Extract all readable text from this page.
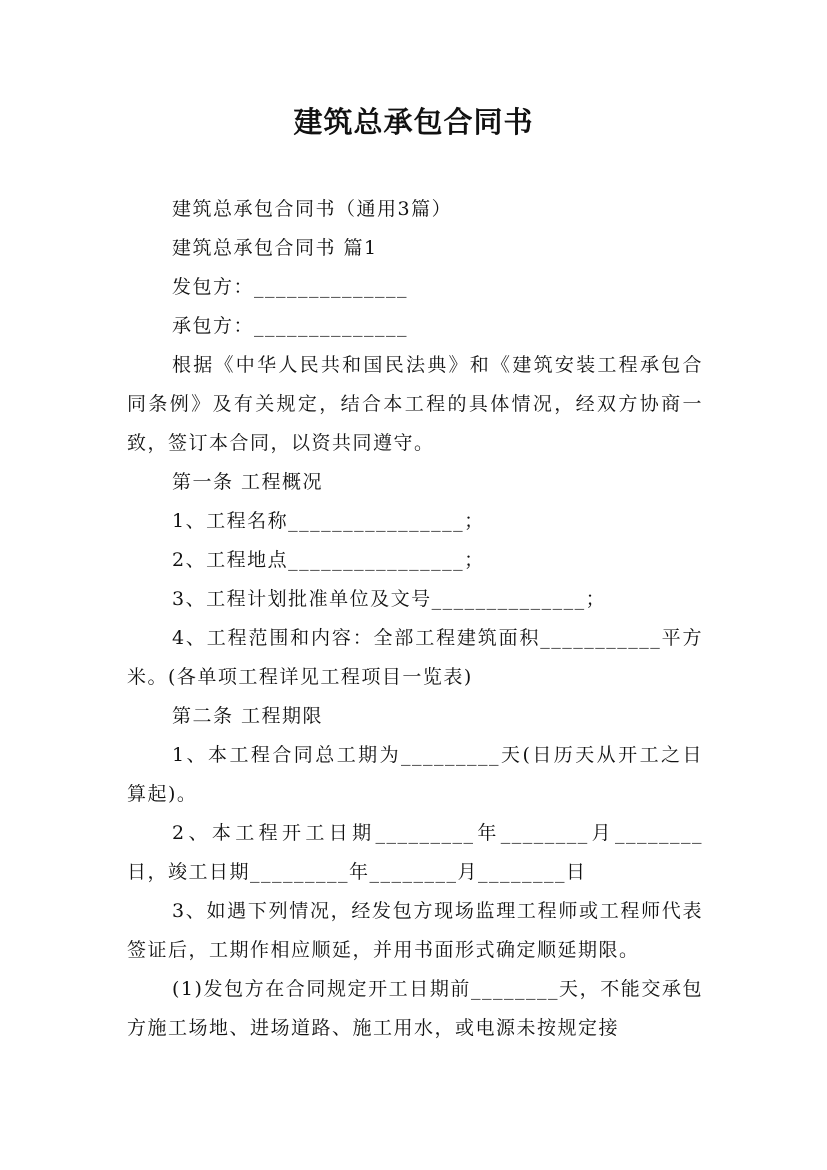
建筑总承包合同书

建筑总承包合同书（通用3篇）

建筑总承包合同书 篇1

发包方：______________

承包方：______________

根据《中华人民共和国民法典》和《建筑安装工程承包合同条例》及有关规定，结合本工程的具体情况，经双方协商一致，签订本合同，以资共同遵守。

第一条 工程概况

1、工程名称________________；

2、工程地点________________；

3、工程计划批准单位及文号______________；

4、工程范围和内容：全部工程建筑面积___________平方米。(各单项工程详见工程项目一览表)

第二条 工程期限

1、本工程合同总工期为_________天(日历天从开工之日算起)。

2、本工程开工日期_________年________月________日，竣工日期_________年________月________日

3、如遇下列情况，经发包方现场监理工程师或工程师代表签证后，工期作相应顺延，并用书面形式确定顺延期限。

(1)发包方在合同规定开工日期前________天，不能交承包方施工场地、进场道路、施工用水，或电源未按规定接
